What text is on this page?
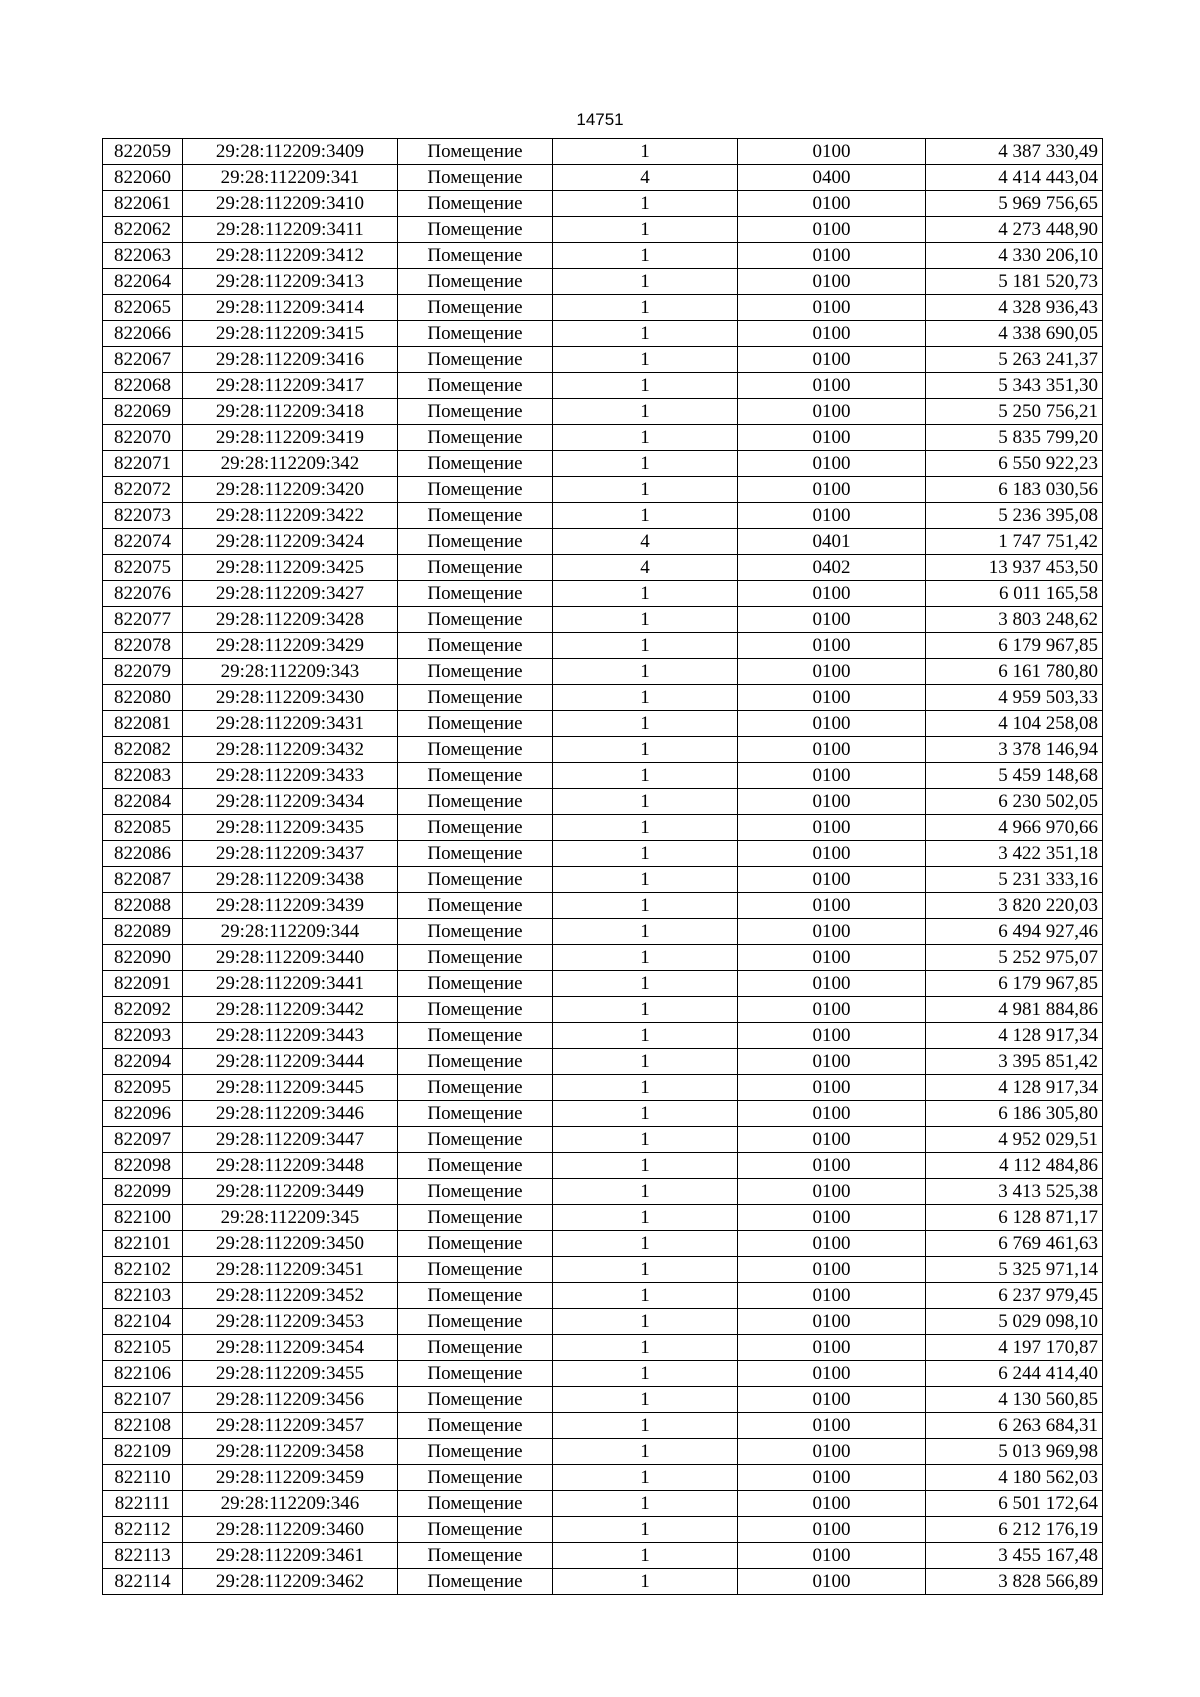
14751
822059	29:28:112209:3409	Помещение	1	0100	4 387 330,49
822060	29:28:112209:341	Помещение	4	0400	4 414 443,04
822061	29:28:112209:3410	Помещение	1	0100	5 969 756,65
822062	29:28:112209:3411	Помещение	1	0100	4 273 448,90
822063	29:28:112209:3412	Помещение	1	0100	4 330 206,10
822064	29:28:112209:3413	Помещение	1	0100	5 181 520,73
822065	29:28:112209:3414	Помещение	1	0100	4 328 936,43
822066	29:28:112209:3415	Помещение	1	0100	4 338 690,05
822067	29:28:112209:3416	Помещение	1	0100	5 263 241,37
822068	29:28:112209:3417	Помещение	1	0100	5 343 351,30
822069	29:28:112209:3418	Помещение	1	0100	5 250 756,21
822070	29:28:112209:3419	Помещение	1	0100	5 835 799,20
822071	29:28:112209:342	Помещение	1	0100	6 550 922,23
822072	29:28:112209:3420	Помещение	1	0100	6 183 030,56
822073	29:28:112209:3422	Помещение	1	0100	5 236 395,08
822074	29:28:112209:3424	Помещение	4	0401	1 747 751,42
822075	29:28:112209:3425	Помещение	4	0402	13 937 453,50
822076	29:28:112209:3427	Помещение	1	0100	6 011 165,58
822077	29:28:112209:3428	Помещение	1	0100	3 803 248,62
822078	29:28:112209:3429	Помещение	1	0100	6 179 967,85
822079	29:28:112209:343	Помещение	1	0100	6 161 780,80
822080	29:28:112209:3430	Помещение	1	0100	4 959 503,33
822081	29:28:112209:3431	Помещение	1	0100	4 104 258,08
822082	29:28:112209:3432	Помещение	1	0100	3 378 146,94
822083	29:28:112209:3433	Помещение	1	0100	5 459 148,68
822084	29:28:112209:3434	Помещение	1	0100	6 230 502,05
822085	29:28:112209:3435	Помещение	1	0100	4 966 970,66
822086	29:28:112209:3437	Помещение	1	0100	3 422 351,18
822087	29:28:112209:3438	Помещение	1	0100	5 231 333,16
822088	29:28:112209:3439	Помещение	1	0100	3 820 220,03
822089	29:28:112209:344	Помещение	1	0100	6 494 927,46
822090	29:28:112209:3440	Помещение	1	0100	5 252 975,07
822091	29:28:112209:3441	Помещение	1	0100	6 179 967,85
822092	29:28:112209:3442	Помещение	1	0100	4 981 884,86
822093	29:28:112209:3443	Помещение	1	0100	4 128 917,34
822094	29:28:112209:3444	Помещение	1	0100	3 395 851,42
822095	29:28:112209:3445	Помещение	1	0100	4 128 917,34
822096	29:28:112209:3446	Помещение	1	0100	6 186 305,80
822097	29:28:112209:3447	Помещение	1	0100	4 952 029,51
822098	29:28:112209:3448	Помещение	1	0100	4 112 484,86
822099	29:28:112209:3449	Помещение	1	0100	3 413 525,38
822100	29:28:112209:345	Помещение	1	0100	6 128 871,17
822101	29:28:112209:3450	Помещение	1	0100	6 769 461,63
822102	29:28:112209:3451	Помещение	1	0100	5 325 971,14
822103	29:28:112209:3452	Помещение	1	0100	6 237 979,45
822104	29:28:112209:3453	Помещение	1	0100	5 029 098,10
822105	29:28:112209:3454	Помещение	1	0100	4 197 170,87
822106	29:28:112209:3455	Помещение	1	0100	6 244 414,40
822107	29:28:112209:3456	Помещение	1	0100	4 130 560,85
822108	29:28:112209:3457	Помещение	1	0100	6 263 684,31
822109	29:28:112209:3458	Помещение	1	0100	5 013 969,98
822110	29:28:112209:3459	Помещение	1	0100	4 180 562,03
822111	29:28:112209:346	Помещение	1	0100	6 501 172,64
822112	29:28:112209:3460	Помещение	1	0100	6 212 176,19
822113	29:28:112209:3461	Помещение	1	0100	3 455 167,48
822114	29:28:112209:3462	Помещение	1	0100	3 828 566,89
